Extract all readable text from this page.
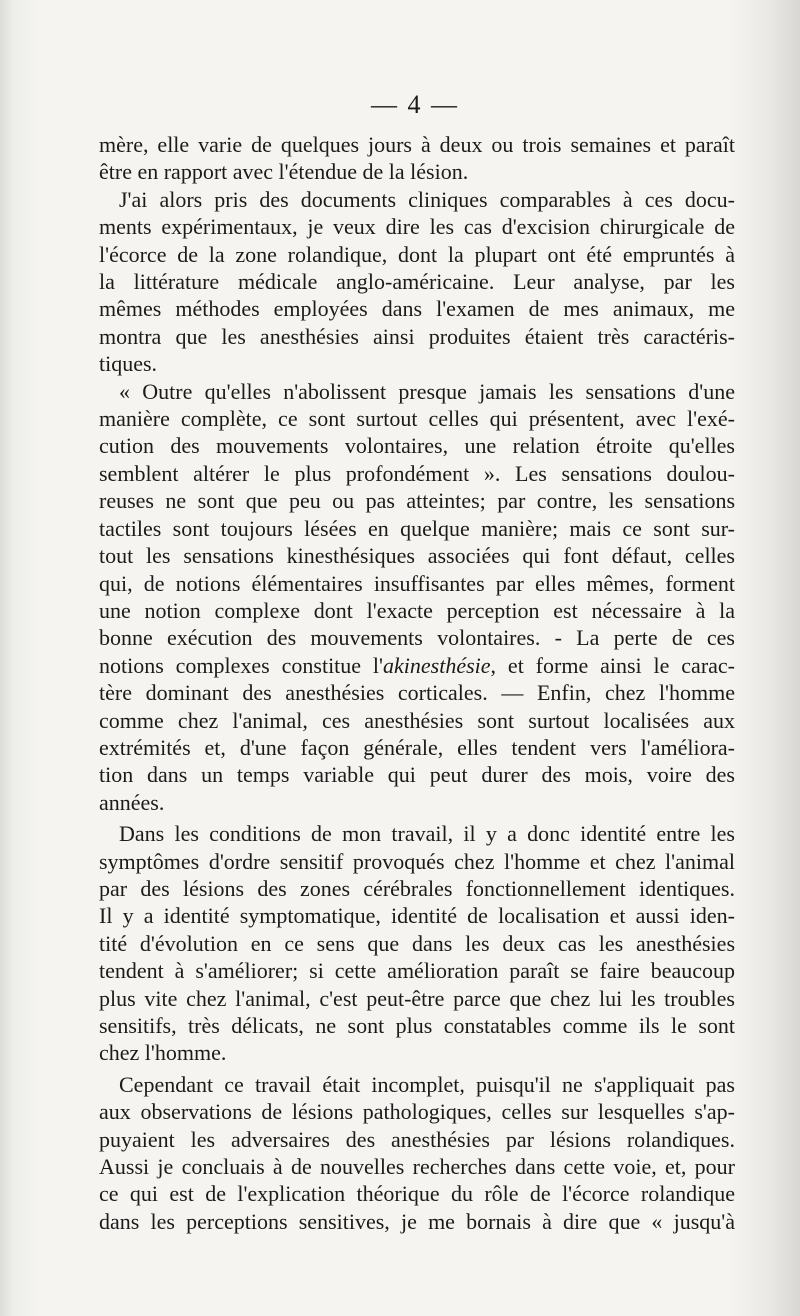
— 4 —
mère, elle varie de quelques jours à deux ou trois semaines et paraît
être en rapport avec l'étendue de la lésion.
J'ai alors pris des documents cliniques comparables à ces docu-
ments expérimentaux, je veux dire les cas d'excision chirurgicale de
l'écorce de la zone rolandique, dont la plupart ont été empruntés à
la littérature médicale anglo-américaine. Leur analyse, par les
mêmes méthodes employées dans l'examen de mes animaux, me
montra que les anesthésies ainsi produites étaient très caractéris-
tiques.
« Outre qu'elles n'abolissent presque jamais les sensations d'une
manière complète, ce sont surtout celles qui présentent, avec l'exé-
cution des mouvements volontaires, une relation étroite qu'elles
semblent altérer le plus profondément ». Les sensations doulou-
reuses ne sont que peu ou pas atteintes; par contre, les sensations
tactiles sont toujours lésées en quelque manière; mais ce sont sur-
tout les sensations kinesthésiques associées qui font défaut, celles
qui, de notions élémentaires insuffisantes par elles mêmes, forment
une notion complexe dont l'exacte perception est nécessaire à la
bonne exécution des mouvements volontaires. - La perte de ces
notions complexes constitue l'akinesthésie, et forme ainsi le carac-
tère dominant des anesthésies corticales. — Enfin, chez l'homme
comme chez l'animal, ces anesthésies sont surtout localisées aux
extrémités et, d'une façon générale, elles tendent vers l'améliora-
tion dans un temps variable qui peut durer des mois, voire des
années.
Dans les conditions de mon travail, il y a donc identité entre les
symptômes d'ordre sensitif provoqués chez l'homme et chez l'animal
par des lésions des zones cérébrales fonctionnellement identiques.
Il y a identité symptomatique, identité de localisation et aussi iden-
tité d'évolution en ce sens que dans les deux cas les anesthésies
tendent à s'améliorer; si cette amélioration paraît se faire beaucoup
plus vite chez l'animal, c'est peut-être parce que chez lui les troubles
sensitifs, très délicats, ne sont plus constatables comme ils le sont
chez l'homme.
Cependant ce travail était incomplet, puisqu'il ne s'appliquait pas
aux observations de lésions pathologiques, celles sur lesquelles s'ap-
puyaient les adversaires des anesthésies par lésions rolandiques.
Aussi je concluais à de nouvelles recherches dans cette voie, et, pour
ce qui est de l'explication théorique du rôle de l'écorce rolandique
dans les perceptions sensitives, je me bornais à dire que « jusqu'à
